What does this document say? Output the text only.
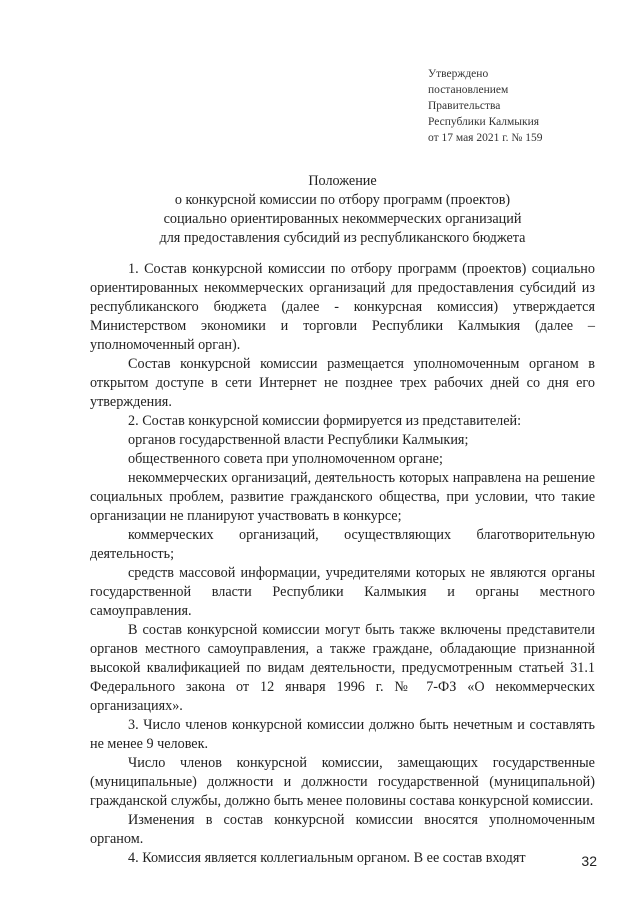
Утверждено
постановлением
Правительства
Республики Калмыкия
от 17 мая 2021 г. № 159
Положение
о конкурсной комиссии по отбору программ (проектов)
социально ориентированных некоммерческих организаций
для предоставления субсидий из республиканского бюджета

1. Состав конкурсной комиссии по отбору программ (проектов) социально ориентированных некоммерческих организаций для предоставления субсидий из республиканского бюджета (далее - конкурсная комиссия) утверждается Министерством экономики и торговли Республики Калмыкия (далее – уполномоченный орган).

Состав конкурсной комиссии размещается уполномоченным органом в открытом доступе в сети Интернет не позднее трех рабочих дней со дня его утверждения.

2. Состав конкурсной комиссии формируется из представителей:

органов государственной власти Республики Калмыкия;

общественного совета при уполномоченном органе;

некоммерческих организаций, деятельность которых направлена на решение социальных проблем, развитие гражданского общества, при условии, что такие организации не планируют участвовать в конкурсе;

коммерческих организаций, осуществляющих благотворительную деятельность;

средств массовой информации, учредителями которых не являются органы государственной власти Республики Калмыкия и органы местного самоуправления.

В состав конкурсной комиссии могут быть также включены представители органов местного самоуправления, а также граждане, обладающие признанной высокой квалификацией по видам деятельности, предусмотренным статьей 31.1 Федерального закона от 12 января 1996 г. № 7-ФЗ «О некоммерческих организациях».

3. Число членов конкурсной комиссии должно быть нечетным и составлять не менее 9 человек.

Число членов конкурсной комиссии, замещающих государственные (муниципальные) должности и должности государственной (муниципальной) гражданской службы, должно быть менее половины состава конкурсной комиссии.

Изменения в состав конкурсной комиссии вносятся уполномоченным органом.

4. Комиссия является коллегиальным органом. В ее состав входят	32
